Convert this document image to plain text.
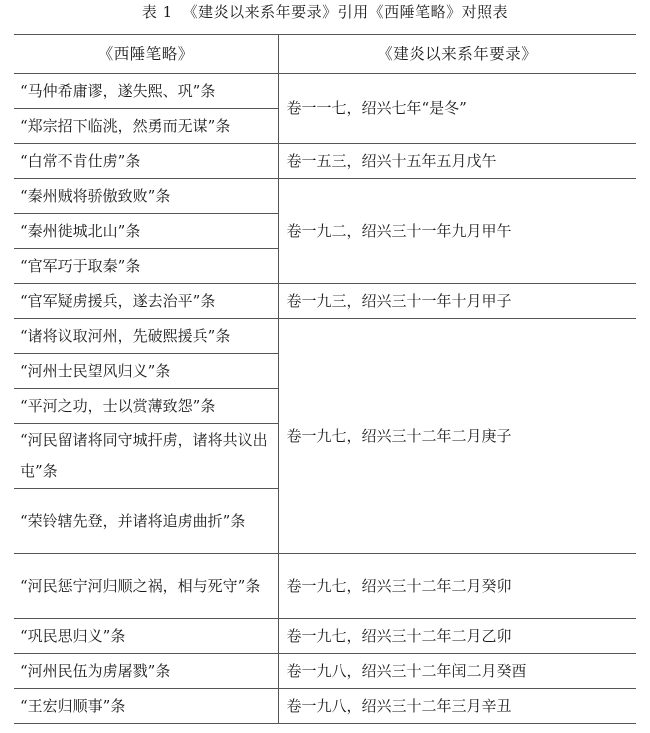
表 1 《建炎以来系年要录》引用《西陲笔略》对照表
《西陲笔略》	《建炎以来系年要录》
“马仲希庸谬，遂失熙、巩”条	卷一一七，绍兴七年“是冬”
“郑宗招下临洮，然勇而无谋”条	
“白常不肯仕虏”条	卷一五三，绍兴十五年五月戊午
“秦州贼将骄傲致败”条	卷一九二，绍兴三十一年九月甲午
“秦州徙城北山”条	
“官军巧于取秦”条	
“官军疑虏援兵，遂去治平”条	卷一九三，绍兴三十一年十月甲子
“诸将议取河州，先破熙援兵”条	卷一九七，绍兴三十二年二月庚子
“河州士民望风归义”条	
“平河之功，士以赏薄致怨”条	
“河民留诸将同守城扞虏，诸将共议出屯”条	
“荣铃辖先登，并诸将追虏曲折”条	
“河民惩宁河归顺之祸，相与死守”条	卷一九七，绍兴三十二年二月癸卯
“巩民思归义”条	卷一九七，绍兴三十二年二月乙卯
“河州民伍为虏屠戮”条	卷一九八，绍兴三十二年闰二月癸酉
“王宏归顺事”条	卷一九八，绍兴三十二年三月辛丑
